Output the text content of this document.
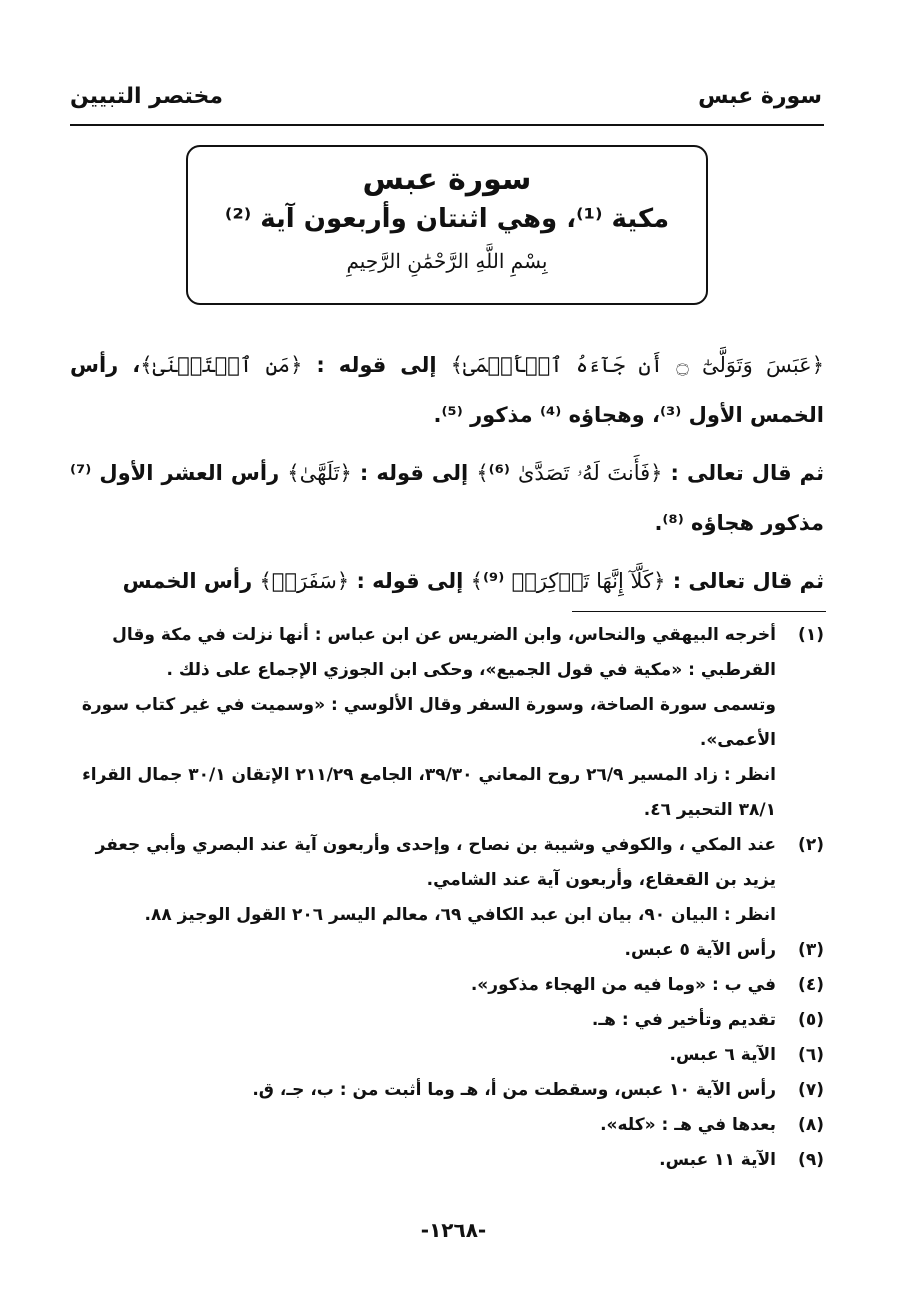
سورة عبس
مختصر التبيين
سورة عبس
مكية ⁽¹⁾، وهي اثنتان وأربعون آية ⁽²⁾
بِسْمِ اللَّهِ الرَّحْمَٰنِ الرَّحِيمِ

﴿عَبَسَ وَتَوَلَّىٰٓ ۝ أَن جَآءَهُ ٱلۡأَعۡمَىٰ﴾ إلى قوله : ﴿مَنِ ٱسۡتَغۡنَىٰ﴾، رأس الخمس الأول ⁽³⁾، وهجاؤه ⁽⁴⁾ مذكور ⁽⁵⁾.

ثم قال تعالى : ﴿فَأَنتَ لَهُۥ تَصَدَّىٰ ⁽⁶⁾﴾ إلى قوله : ﴿تَلَهَّىٰ﴾ رأس العشر الأول ⁽⁷⁾ مذكور هجاؤه ⁽⁸⁾.

ثم قال تعالى : ﴿كَلَّآ إِنَّهَا تَذۡكِرَةٞ ⁽⁹⁾﴾ إلى قوله : ﴿سَفَرَةٖ﴾ رأس الخمس

(١)
أخرجه البيهقي والنحاس، وابن الضريس عن ابن عباس : أنها نزلت في مكة وقال القرطبي : «مكية في قول الجميع»، وحكى ابن الجوزي الإجماع على ذلك .
وتسمى سورة الصاخة، وسورة السفر وقال الألوسي : «وسميت في غير كتاب سورة الأعمى».
انظر : زاد المسير ٢٦/٩ روح المعاني ٣٩/٣٠، الجامع ٢١١/٢٩ الإتقان ٣٠/١ جمال القراء ٣٨/١ التحبير ٤٦.
(٢)
عند المكي ، والكوفي وشيبة بن نصاح ، وإحدى وأربعون آية عند البصري وأبي جعفر يزيد بن القعقاع، وأربعون آية عند الشامي.
انظر : البيان ٩٠، بيان ابن عبد الكافي ٦٩، معالم اليسر ٢٠٦ القول الوجيز ٨٨.
(٣)
رأس الآية ٥ عبس.
(٤)
في ب : «وما فيه من الهجاء مذكور».
(٥)
تقديم وتأخير في : هـ.
(٦)
الآية ٦ عبس.
(٧)
رأس الآية ١٠ عبس، وسقطت من أ، هـ وما أثبت من : ب، جـ، ق.
(٨)
بعدها في هـ : «كله».
(٩)
الآية ١١ عبس.
-١٢٦٨-
